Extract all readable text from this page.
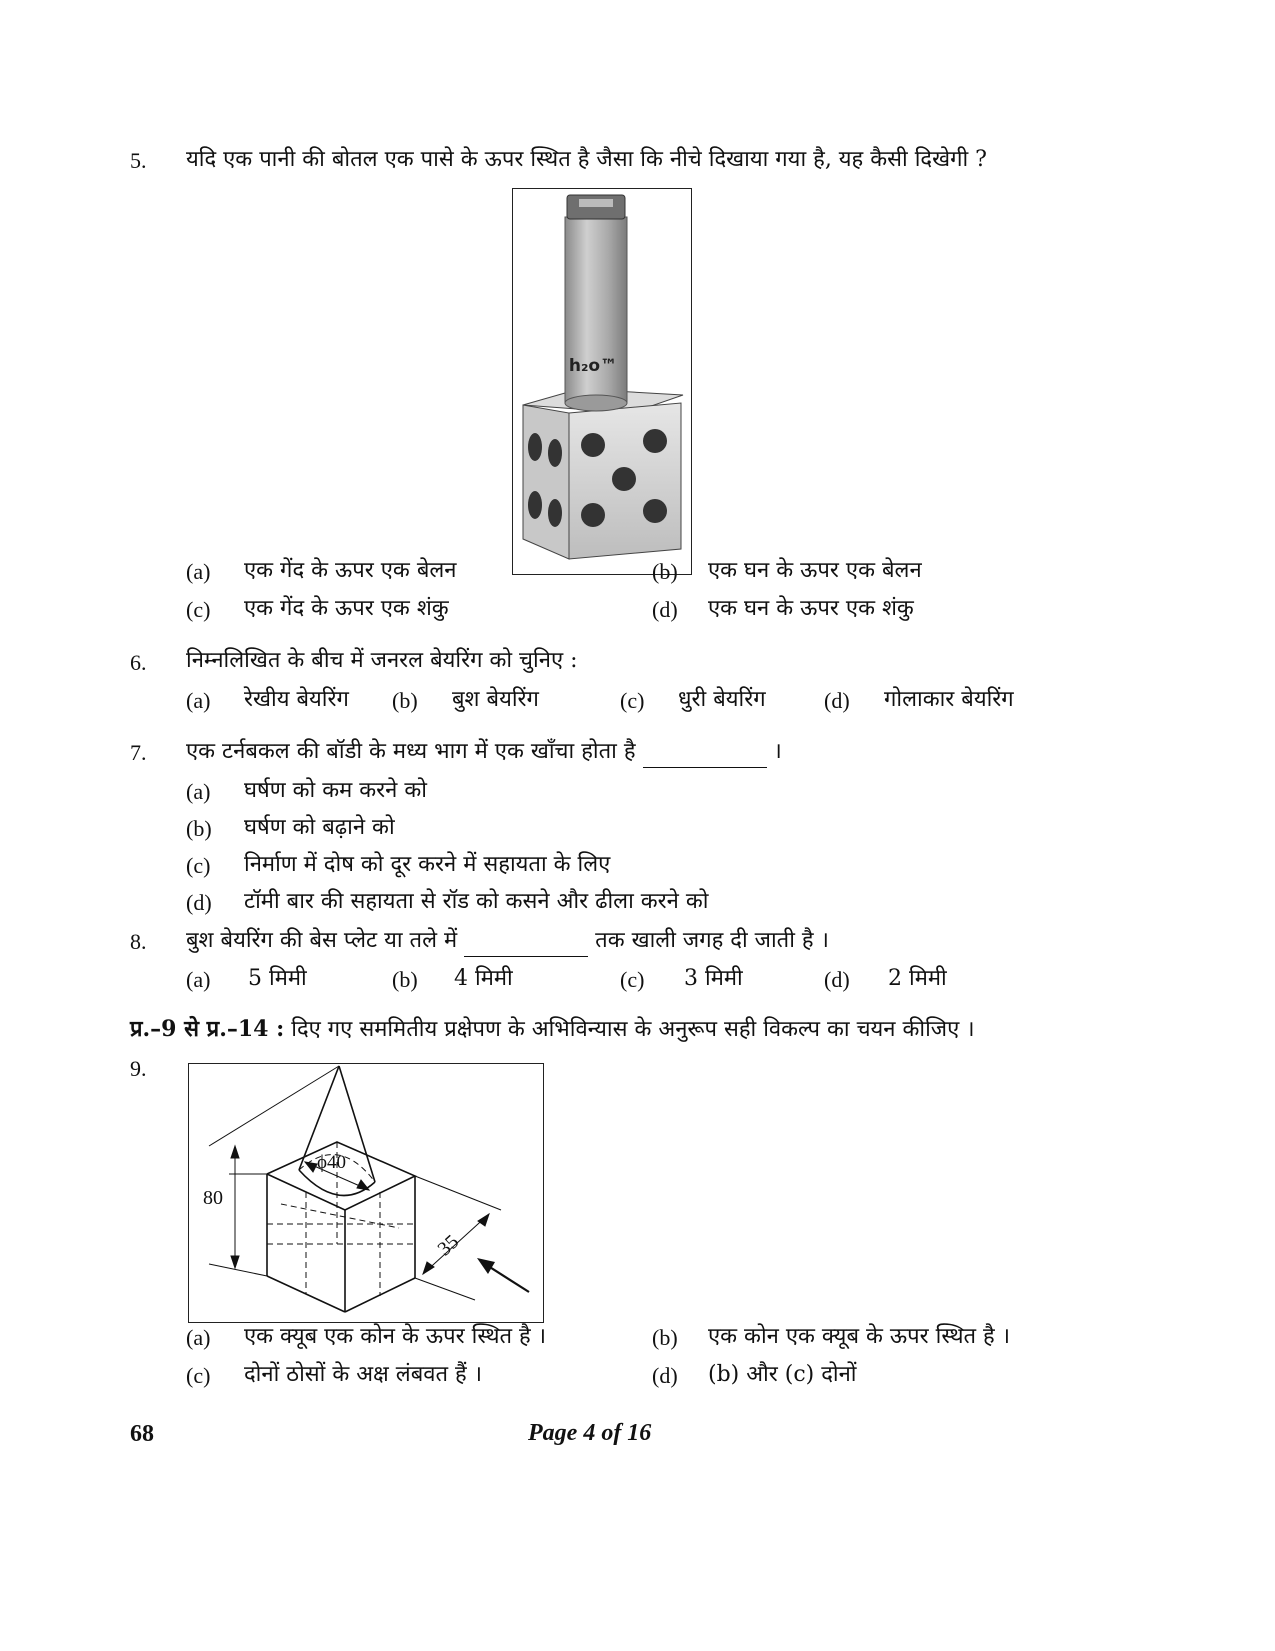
5. यदि एक पानी की बोतल एक पासे के ऊपर स्थित है जैसा कि नीचे दिखाया गया है, यह कैसी दिखेगी ?
h₂o™
(a) एक गेंद के ऊपर एक बेलन	(b) एक घन के ऊपर एक बेलन
(c) एक गेंद के ऊपर एक शंकु	(d) एक घन के ऊपर एक शंकु
6. निम्नलिखित के बीच में जनरल बेयरिंग को चुनिए :
(a) रेखीय बेयरिंग (b) बुश बेयरिंग	(c) धुरी बेयरिंग	(d) गोलाकार बेयरिंग
7. एक टर्नबकल की बॉडी के मध्य भाग में एक खाँचा होता है	।
(a) घर्षण को कम करने को
(b) घर्षण को बढ़ाने को
(c) निर्माण में दोष को दूर करने में सहायता के लिए
(d) टॉमी बार की सहायता से रॉड को कसने और ढीला करने को
8. बुश बेयरिंग की बेस प्लेट या तले में	तक खाली जगह दी जाती है ।
(a) 5 मिमी	(b) 4 मिमी	(c) 3 मिमी	(d) 2 मिमी
प्र.–9 से प्र.–14 : दिए गए सममितीय प्रक्षेपण के अभिविन्यास के अनुरूप सही विकल्प का चयन कीजिए ।
9.
80
ϕ40
35
(a) एक क्यूब एक कोन के ऊपर स्थित है ।	(b) एक कोन एक क्यूब के ऊपर स्थित है ।
(c) दोनों ठोसों के अक्ष लंबवत हैं ।	(d) (b) और (c) दोनों
68	Page 4 of 16
